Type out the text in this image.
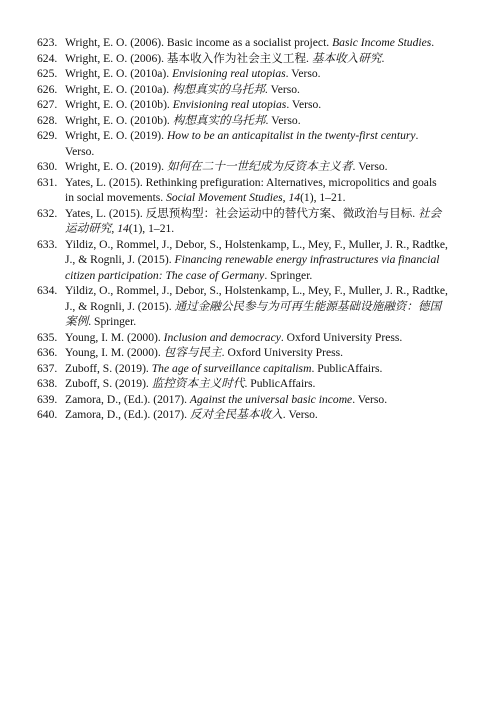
623. Wright, E. O. (2006). Basic income as a socialist project. Basic Income Studies.
624. Wright, E. O. (2006). 基本收入作为社会主义工程. 基本收入研究.
625. Wright, E. O. (2010a). Envisioning real utopias. Verso.
626. Wright, E. O. (2010a). 构想真实的乌托邦. Verso.
627. Wright, E. O. (2010b). Envisioning real utopias. Verso.
628. Wright, E. O. (2010b). 构想真实的乌托邦. Verso.
629. Wright, E. O. (2019). How to be an anticapitalist in the twenty-first century. Verso.
630. Wright, E. O. (2019). 如何在二十一世纪成为反资本主义者. Verso.
631. Yates, L. (2015). Rethinking prefiguration: Alternatives, micropolitics and goals in social movements. Social Movement Studies, 14(1), 1–21.
632. Yates, L. (2015). 反思预构型：社会运动中的替代方案、微政治与目标. 社会运动研究, 14(1), 1–21.
633. Yildiz, O., Rommel, J., Debor, S., Holstenkamp, L., Mey, F., Muller, J. R., Radtke, J., & Rognli, J. (2015). Financing renewable energy infrastructures via financial citizen participation: The case of Germany. Springer.
634. Yildiz, O., Rommel, J., Debor, S., Holstenkamp, L., Mey, F., Muller, J. R., Radtke, J., & Rognli, J. (2015). 通过金融公民参与为可再生能源基础设施融资：德国案例. Springer.
635. Young, I. M. (2000). Inclusion and democracy. Oxford University Press.
636. Young, I. M. (2000). 包容与民主. Oxford University Press.
637. Zuboff, S. (2019). The age of surveillance capitalism. PublicAffairs.
638. Zuboff, S. (2019). 监控资本主义时代. PublicAffairs.
639. Zamora, D., (Ed.). (2017). Against the universal basic income. Verso.
640. Zamora, D., (Ed.). (2017). 反对全民基本收入. Verso.
